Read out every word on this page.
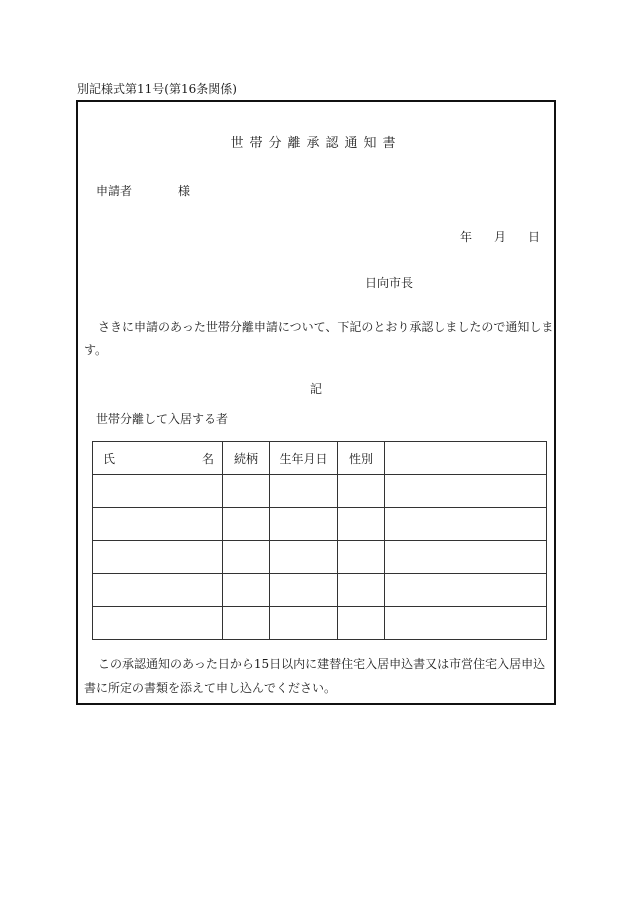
別記様式第11号(第16条関係)
世帯分離承認通知書
申請者	様
年 月 日
日向市長
さきに申請のあった世帯分離申請について、下記のとおり承認しましたので通知します。
記
世帯分離して入居する者
氏 名	続柄	生年月日	性別	

この承認通知のあった日から15日以内に建替住宅入居申込書又は市営住宅入居申込書に所定の書類を添えて申し込んでください。
